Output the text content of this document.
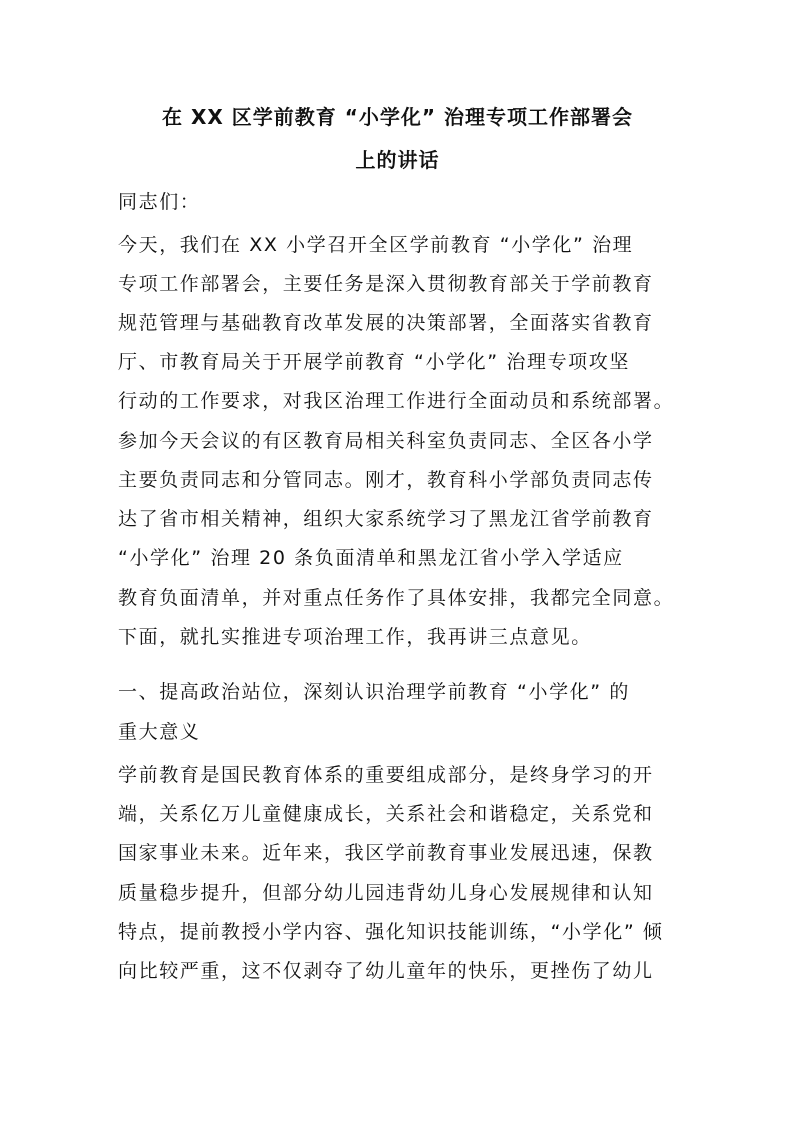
在 XX 区学前教育 “小学化” 治理专项工作部署会
上的讲话
同志们：
今天，我们在 XX 小学召开全区学前教育 “小学化” 治理
专项工作部署会，主要任务是深入贯彻教育部关于学前教育
规范管理与基础教育改革发展的决策部署，全面落实省教育
厅、市教育局关于开展学前教育 “小学化” 治理专项攻坚
行动的工作要求，对我区治理工作进行全面动员和系统部署。
参加今天会议的有区教育局相关科室负责同志、全区各小学
主要负责同志和分管同志。刚才，教育科小学部负责同志传
达了省市相关精神，组织大家系统学习了黑龙江省学前教育
“小学化” 治理 20 条负面清单和黑龙江省小学入学适应
教育负面清单，并对重点任务作了具体安排，我都完全同意。
下面，就扎实推进专项治理工作，我再讲三点意见。
一、提高政治站位，深刻认识治理学前教育 “小学化” 的
重大意义
学前教育是国民教育体系的重要组成部分，是终身学习的开
端，关系亿万儿童健康成长，关系社会和谐稳定，关系党和
国家事业未来。近年来，我区学前教育事业发展迅速，保教
质量稳步提升，但部分幼儿园违背幼儿身心发展规律和认知
特点，提前教授小学内容、强化知识技能训练，“小学化” 倾
向比较严重，这不仅剥夺了幼儿童年的快乐，更挫伤了幼儿
